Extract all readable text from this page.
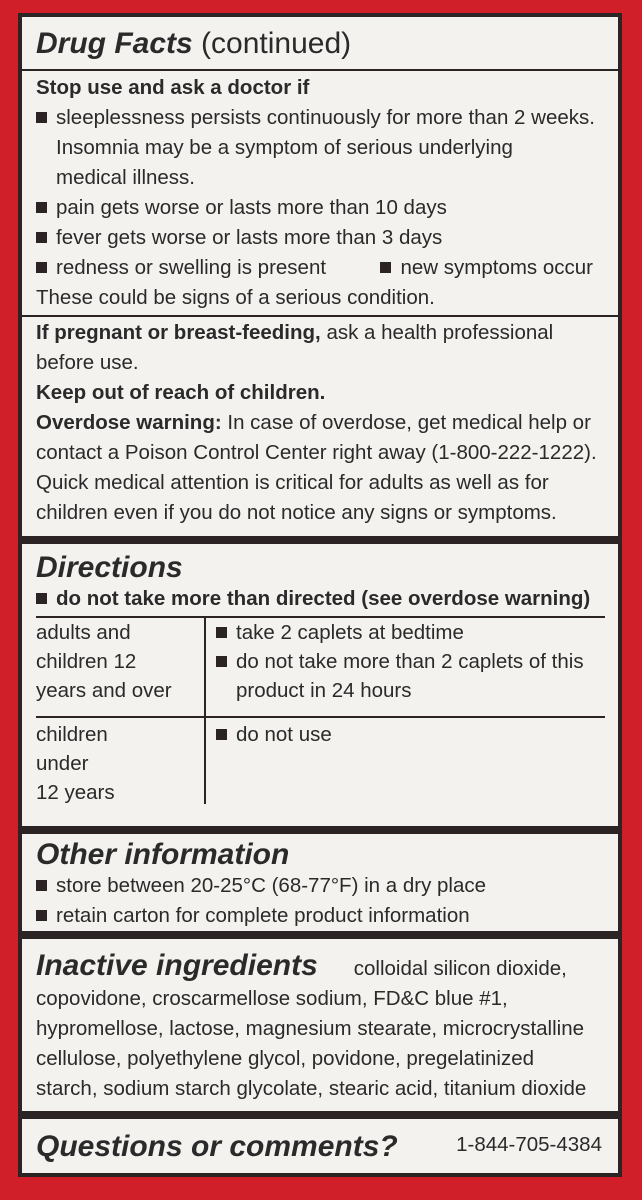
Drug Facts (continued)
Stop use and ask a doctor if
sleeplessness persists continuously for more than 2 weeks.
Insomnia may be a symptom of serious underlying
medical illness.
pain gets worse or lasts more than 10 days
fever gets worse or lasts more than 3 days
redness or swelling is present	new symptoms occur
These could be signs of a serious condition.
If pregnant or breast-feeding, ask a health professional
before use.
Keep out of reach of children.
Overdose warning: In case of overdose, get medical help or
contact a Poison Control Center right away (1-800-222-1222).
Quick medical attention is critical for adults as well as for
children even if you do not notice any signs or symptoms.
Directions
do not take more than directed (see overdose warning)
adults and
children 12
years and over
take 2 caplets at bedtime
do not take more than 2 caplets of this
product in 24 hours
children
under
12 years
do not use
Other information
store between 20-25°C (68-77°F) in a dry place
retain carton for complete product information
Inactive ingredients colloidal silicon dioxide,
copovidone, croscarmellose sodium, FD&C blue #1,
hypromellose, lactose, magnesium stearate, microcrystalline
cellulose, polyethylene glycol, povidone, pregelatinized
starch, sodium starch glycolate, stearic acid, titanium dioxide
Questions or comments?	1-844-705-4384
